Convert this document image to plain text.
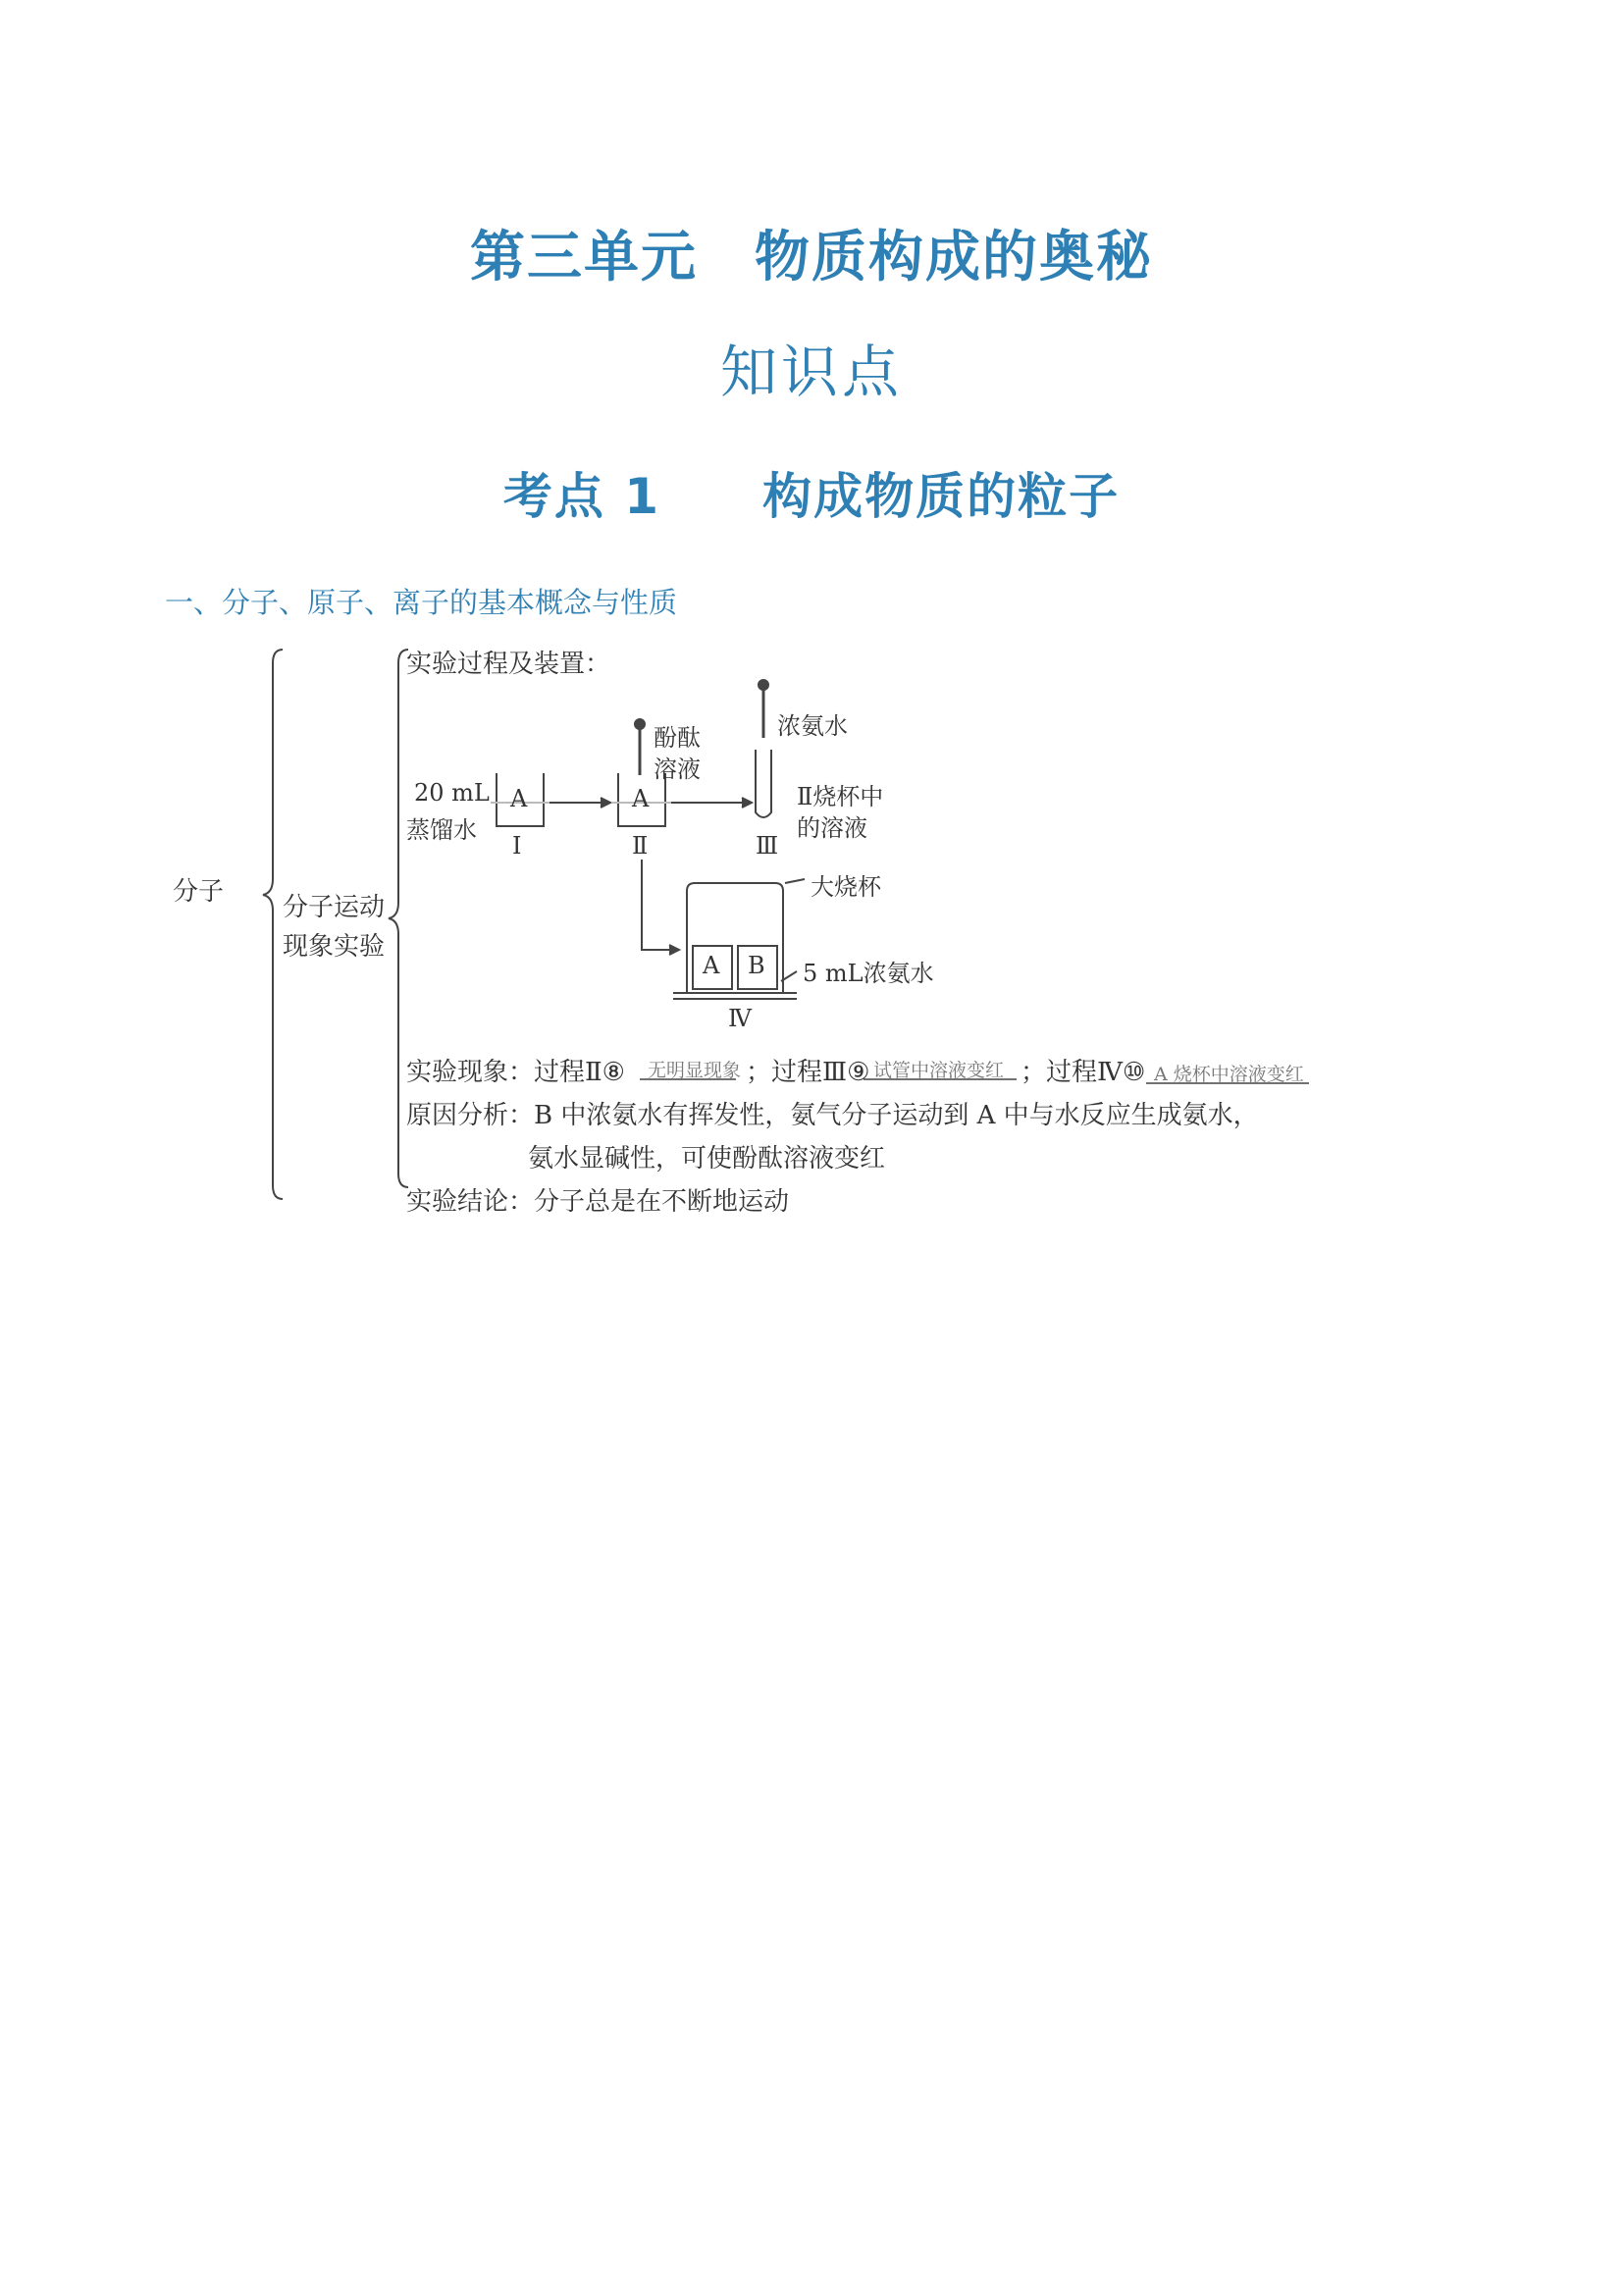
第三单元　物质构成的奥秘
知识点
考点 1　　构成物质的粒子
一、分子、原子、离子的基本概念与性质
分子
分子运动
现象实验
实验过程及装置：
20 mL
蒸馏水
A
Ⅰ
酚酞
溶液
A
Ⅱ
浓氨水
Ⅱ烧杯中
的溶液
Ⅲ
大烧杯
A B 5 mL浓氨水
Ⅳ
实验现象：过程Ⅱ⑧ 无明显现象 ；过程Ⅲ⑨ 试管中溶液变红 ；过程Ⅳ⑩ A 烧杯中溶液变红
原因分析：B 中浓氨水有挥发性，氨气分子运动到 A 中与水反应生成氨水，
氨水显碱性，可使酚酞溶液变红
实验结论：分子总是在不断地运动
